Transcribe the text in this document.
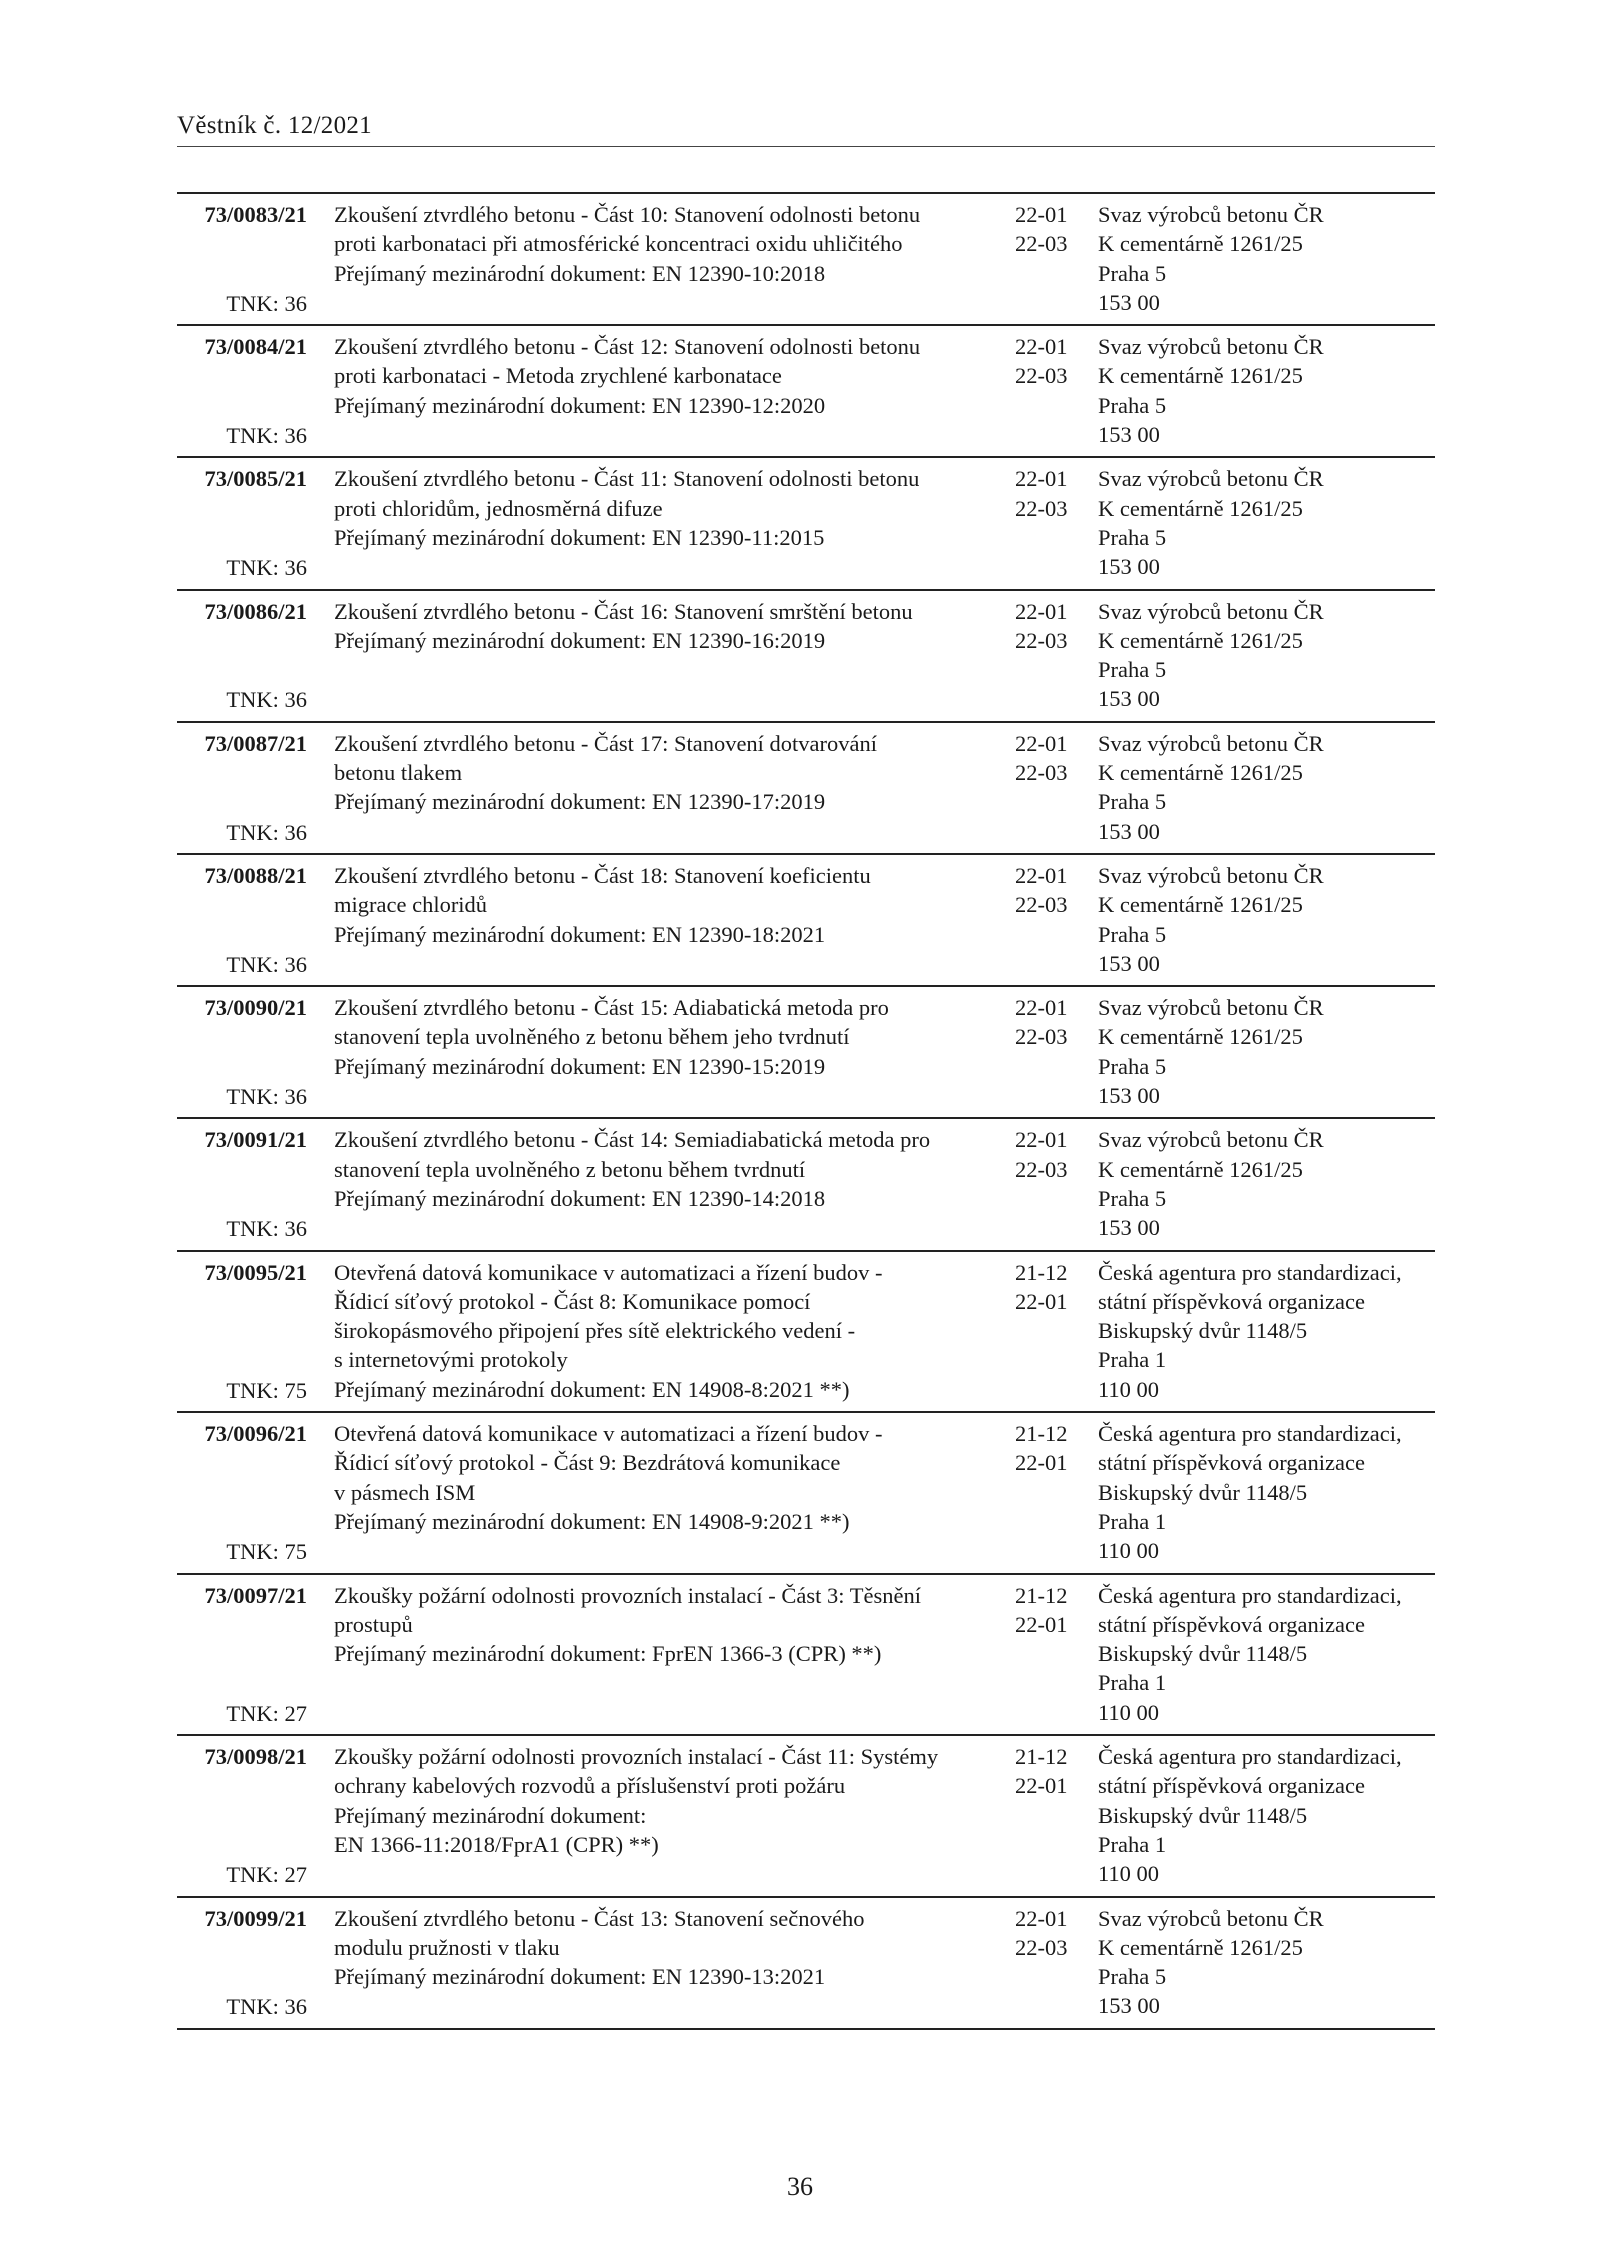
Věstník č. 12/2021
73/0083/21
TNK: 36
Zkoušení ztvrdlého betonu - Část 10: Stanovení odolnosti betonu
proti karbonataci při atmosférické koncentraci oxidu uhličitého
Přejímaný mezinárodní dokument: EN 12390-10:2018
22-01
22-03
Svaz výrobců betonu ČR
K cementárně 1261/25
Praha 5
153 00
73/0084/21
TNK: 36
Zkoušení ztvrdlého betonu - Část 12: Stanovení odolnosti betonu
proti karbonataci - Metoda zrychlené karbonatace
Přejímaný mezinárodní dokument: EN 12390-12:2020
22-01
22-03
Svaz výrobců betonu ČR
K cementárně 1261/25
Praha 5
153 00
73/0085/21
TNK: 36
Zkoušení ztvrdlého betonu - Část 11: Stanovení odolnosti betonu
proti chloridům, jednosměrná difuze
Přejímaný mezinárodní dokument: EN 12390-11:2015
22-01
22-03
Svaz výrobců betonu ČR
K cementárně 1261/25
Praha 5
153 00
73/0086/21
TNK: 36
Zkoušení ztvrdlého betonu - Část 16: Stanovení smrštění betonu
Přejímaný mezinárodní dokument: EN 12390-16:2019
22-01
22-03
Svaz výrobců betonu ČR
K cementárně 1261/25
Praha 5
153 00
73/0087/21
TNK: 36
Zkoušení ztvrdlého betonu - Část 17: Stanovení dotvarování
betonu tlakem
Přejímaný mezinárodní dokument: EN 12390-17:2019
22-01
22-03
Svaz výrobců betonu ČR
K cementárně 1261/25
Praha 5
153 00
73/0088/21
TNK: 36
Zkoušení ztvrdlého betonu - Část 18: Stanovení koeficientu
migrace chloridů
Přejímaný mezinárodní dokument: EN 12390-18:2021
22-01
22-03
Svaz výrobců betonu ČR
K cementárně 1261/25
Praha 5
153 00
73/0090/21
TNK: 36
Zkoušení ztvrdlého betonu - Část 15: Adiabatická metoda pro
stanovení tepla uvolněného z betonu během jeho tvrdnutí
Přejímaný mezinárodní dokument: EN 12390-15:2019
22-01
22-03
Svaz výrobců betonu ČR
K cementárně 1261/25
Praha 5
153 00
73/0091/21
TNK: 36
Zkoušení ztvrdlého betonu - Část 14: Semiadiabatická metoda pro
stanovení tepla uvolněného z betonu během tvrdnutí
Přejímaný mezinárodní dokument: EN 12390-14:2018
22-01
22-03
Svaz výrobců betonu ČR
K cementárně 1261/25
Praha 5
153 00
73/0095/21
TNK: 75
Otevřená datová komunikace v automatizaci a řízení budov -
Řídicí síťový protokol - Část 8: Komunikace pomocí
širokopásmového připojení přes sítě elektrického vedení -
s internetovými protokoly
Přejímaný mezinárodní dokument: EN 14908-8:2021 **)
21-12
22-01
Česká agentura pro standardizaci,
státní příspěvková organizace
Biskupský dvůr 1148/5
Praha 1
110 00
73/0096/21
TNK: 75
Otevřená datová komunikace v automatizaci a řízení budov -
Řídicí síťový protokol - Část 9: Bezdrátová komunikace
v pásmech ISM
Přejímaný mezinárodní dokument: EN 14908-9:2021 **)
21-12
22-01
Česká agentura pro standardizaci,
státní příspěvková organizace
Biskupský dvůr 1148/5
Praha 1
110 00
73/0097/21
TNK: 27
Zkoušky požární odolnosti provozních instalací - Část 3: Těsnění
prostupů
Přejímaný mezinárodní dokument: FprEN 1366-3 (CPR) **)
21-12
22-01
Česká agentura pro standardizaci,
státní příspěvková organizace
Biskupský dvůr 1148/5
Praha 1
110 00
73/0098/21
TNK: 27
Zkoušky požární odolnosti provozních instalací - Část 11: Systémy
ochrany kabelových rozvodů a příslušenství proti požáru
Přejímaný mezinárodní dokument:
EN 1366-11:2018/FprA1 (CPR) **)
21-12
22-01
Česká agentura pro standardizaci,
státní příspěvková organizace
Biskupský dvůr 1148/5
Praha 1
110 00
73/0099/21
TNK: 36
Zkoušení ztvrdlého betonu - Část 13: Stanovení sečnového
modulu pružnosti v tlaku
Přejímaný mezinárodní dokument: EN 12390-13:2021
22-01
22-03
Svaz výrobců betonu ČR
K cementárně 1261/25
Praha 5
153 00
36
